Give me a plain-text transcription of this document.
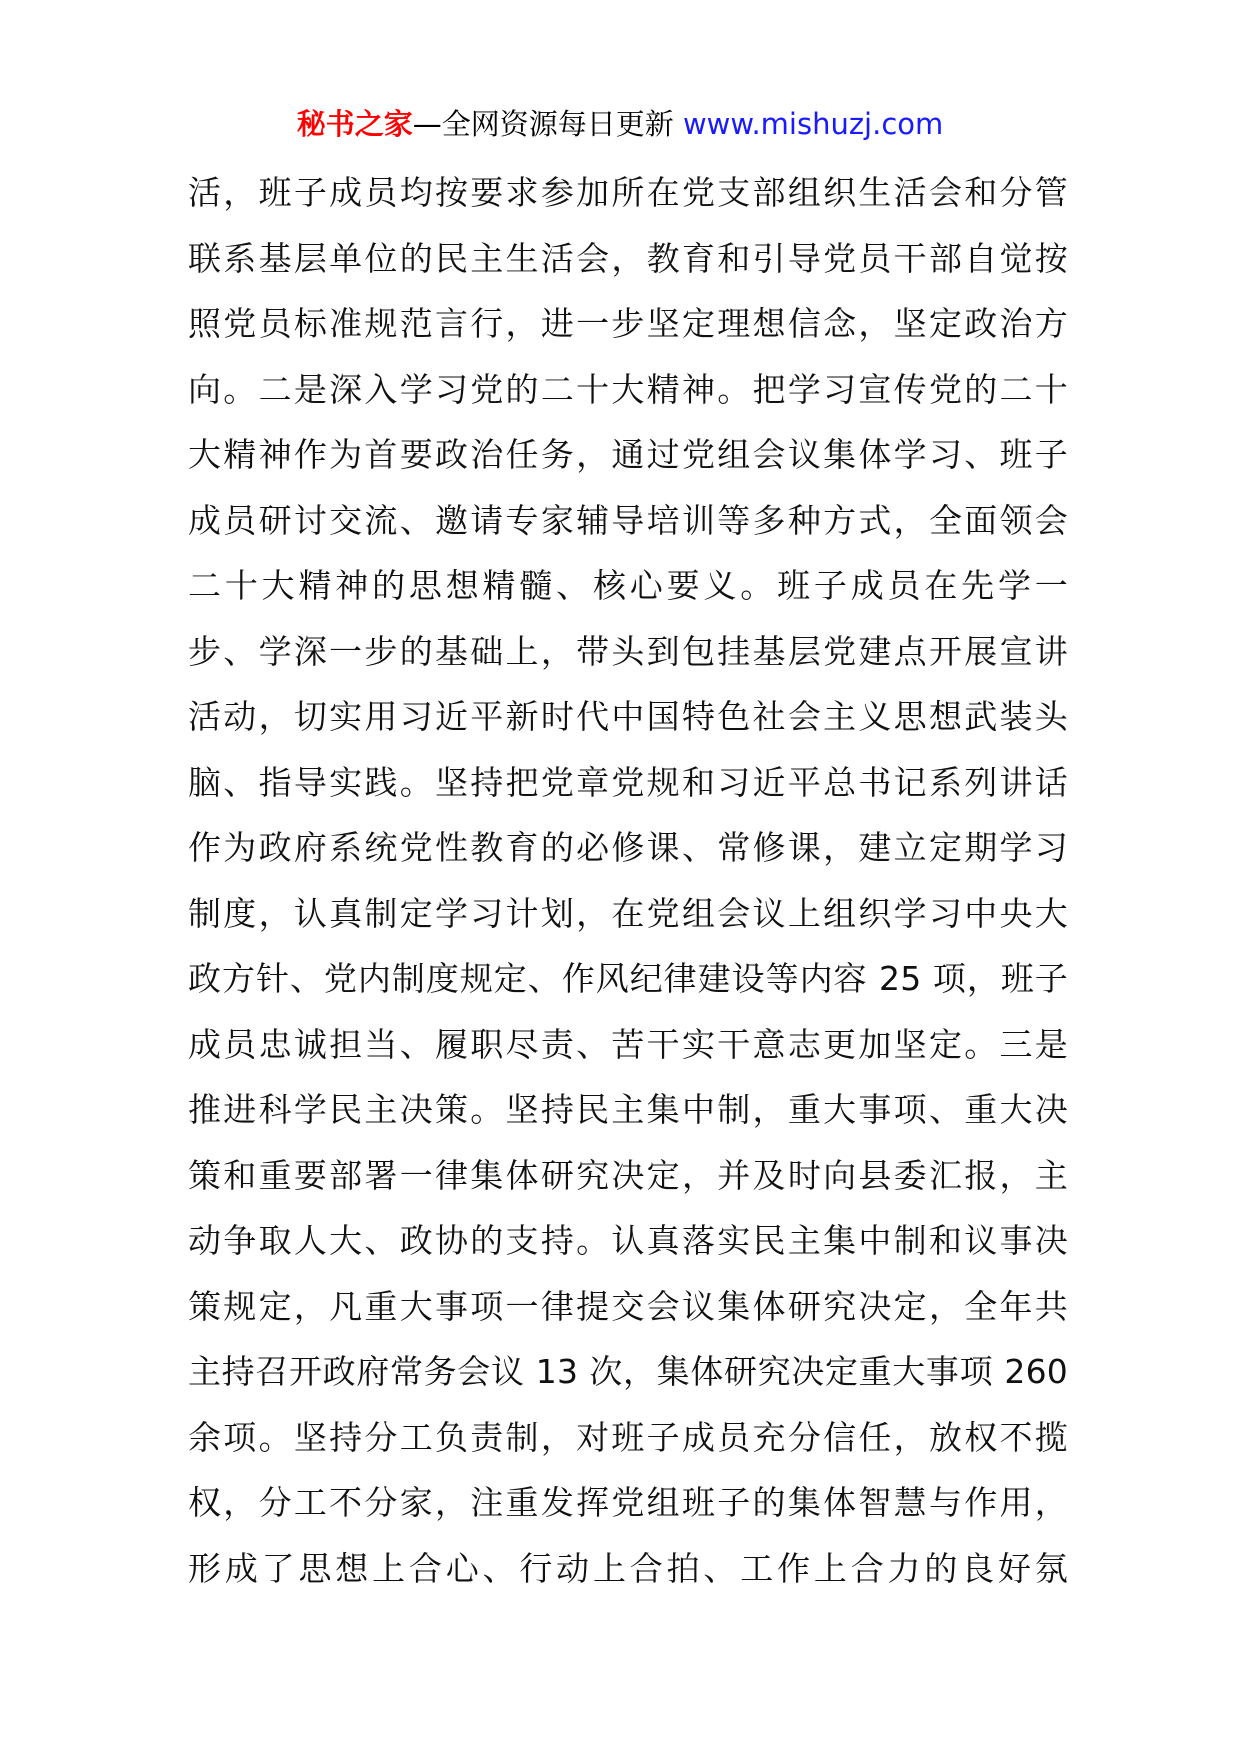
秘书之家—全网资源每日更新 www.mishuzj.com
活，班子成员均按要求参加所在党支部组织生活会和分管
联系基层单位的民主生活会，教育和引导党员干部自觉按
照党员标准规范言行，进一步坚定理想信念，坚定政治方
向。二是深入学习党的二十大精神。把学习宣传党的二十
大精神作为首要政治任务，通过党组会议集体学习、班子
成员研讨交流、邀请专家辅导培训等多种方式，全面领会
二十大精神的思想精髓、核心要义。班子成员在先学一
步、学深一步的基础上，带头到包挂基层党建点开展宣讲
活动，切实用习近平新时代中国特色社会主义思想武装头
脑、指导实践。坚持把党章党规和习近平总书记系列讲话
作为政府系统党性教育的必修课、常修课，建立定期学习
制度，认真制定学习计划，在党组会议上组织学习中央大
政方针、党内制度规定、作风纪律建设等内容 25 项，班子
成员忠诚担当、履职尽责、苦干实干意志更加坚定。三是
推进科学民主决策。坚持民主集中制，重大事项、重大决
策和重要部署一律集体研究决定，并及时向县委汇报，主
动争取人大、政协的支持。认真落实民主集中制和议事决
策规定，凡重大事项一律提交会议集体研究决定，全年共
主持召开政府常务会议 13 次，集体研究决定重大事项 260
余项。坚持分工负责制，对班子成员充分信任，放权不揽
权，分工不分家，注重发挥党组班子的集体智慧与作用，
形成了思想上合心、行动上合拍、工作上合力的良好氛
